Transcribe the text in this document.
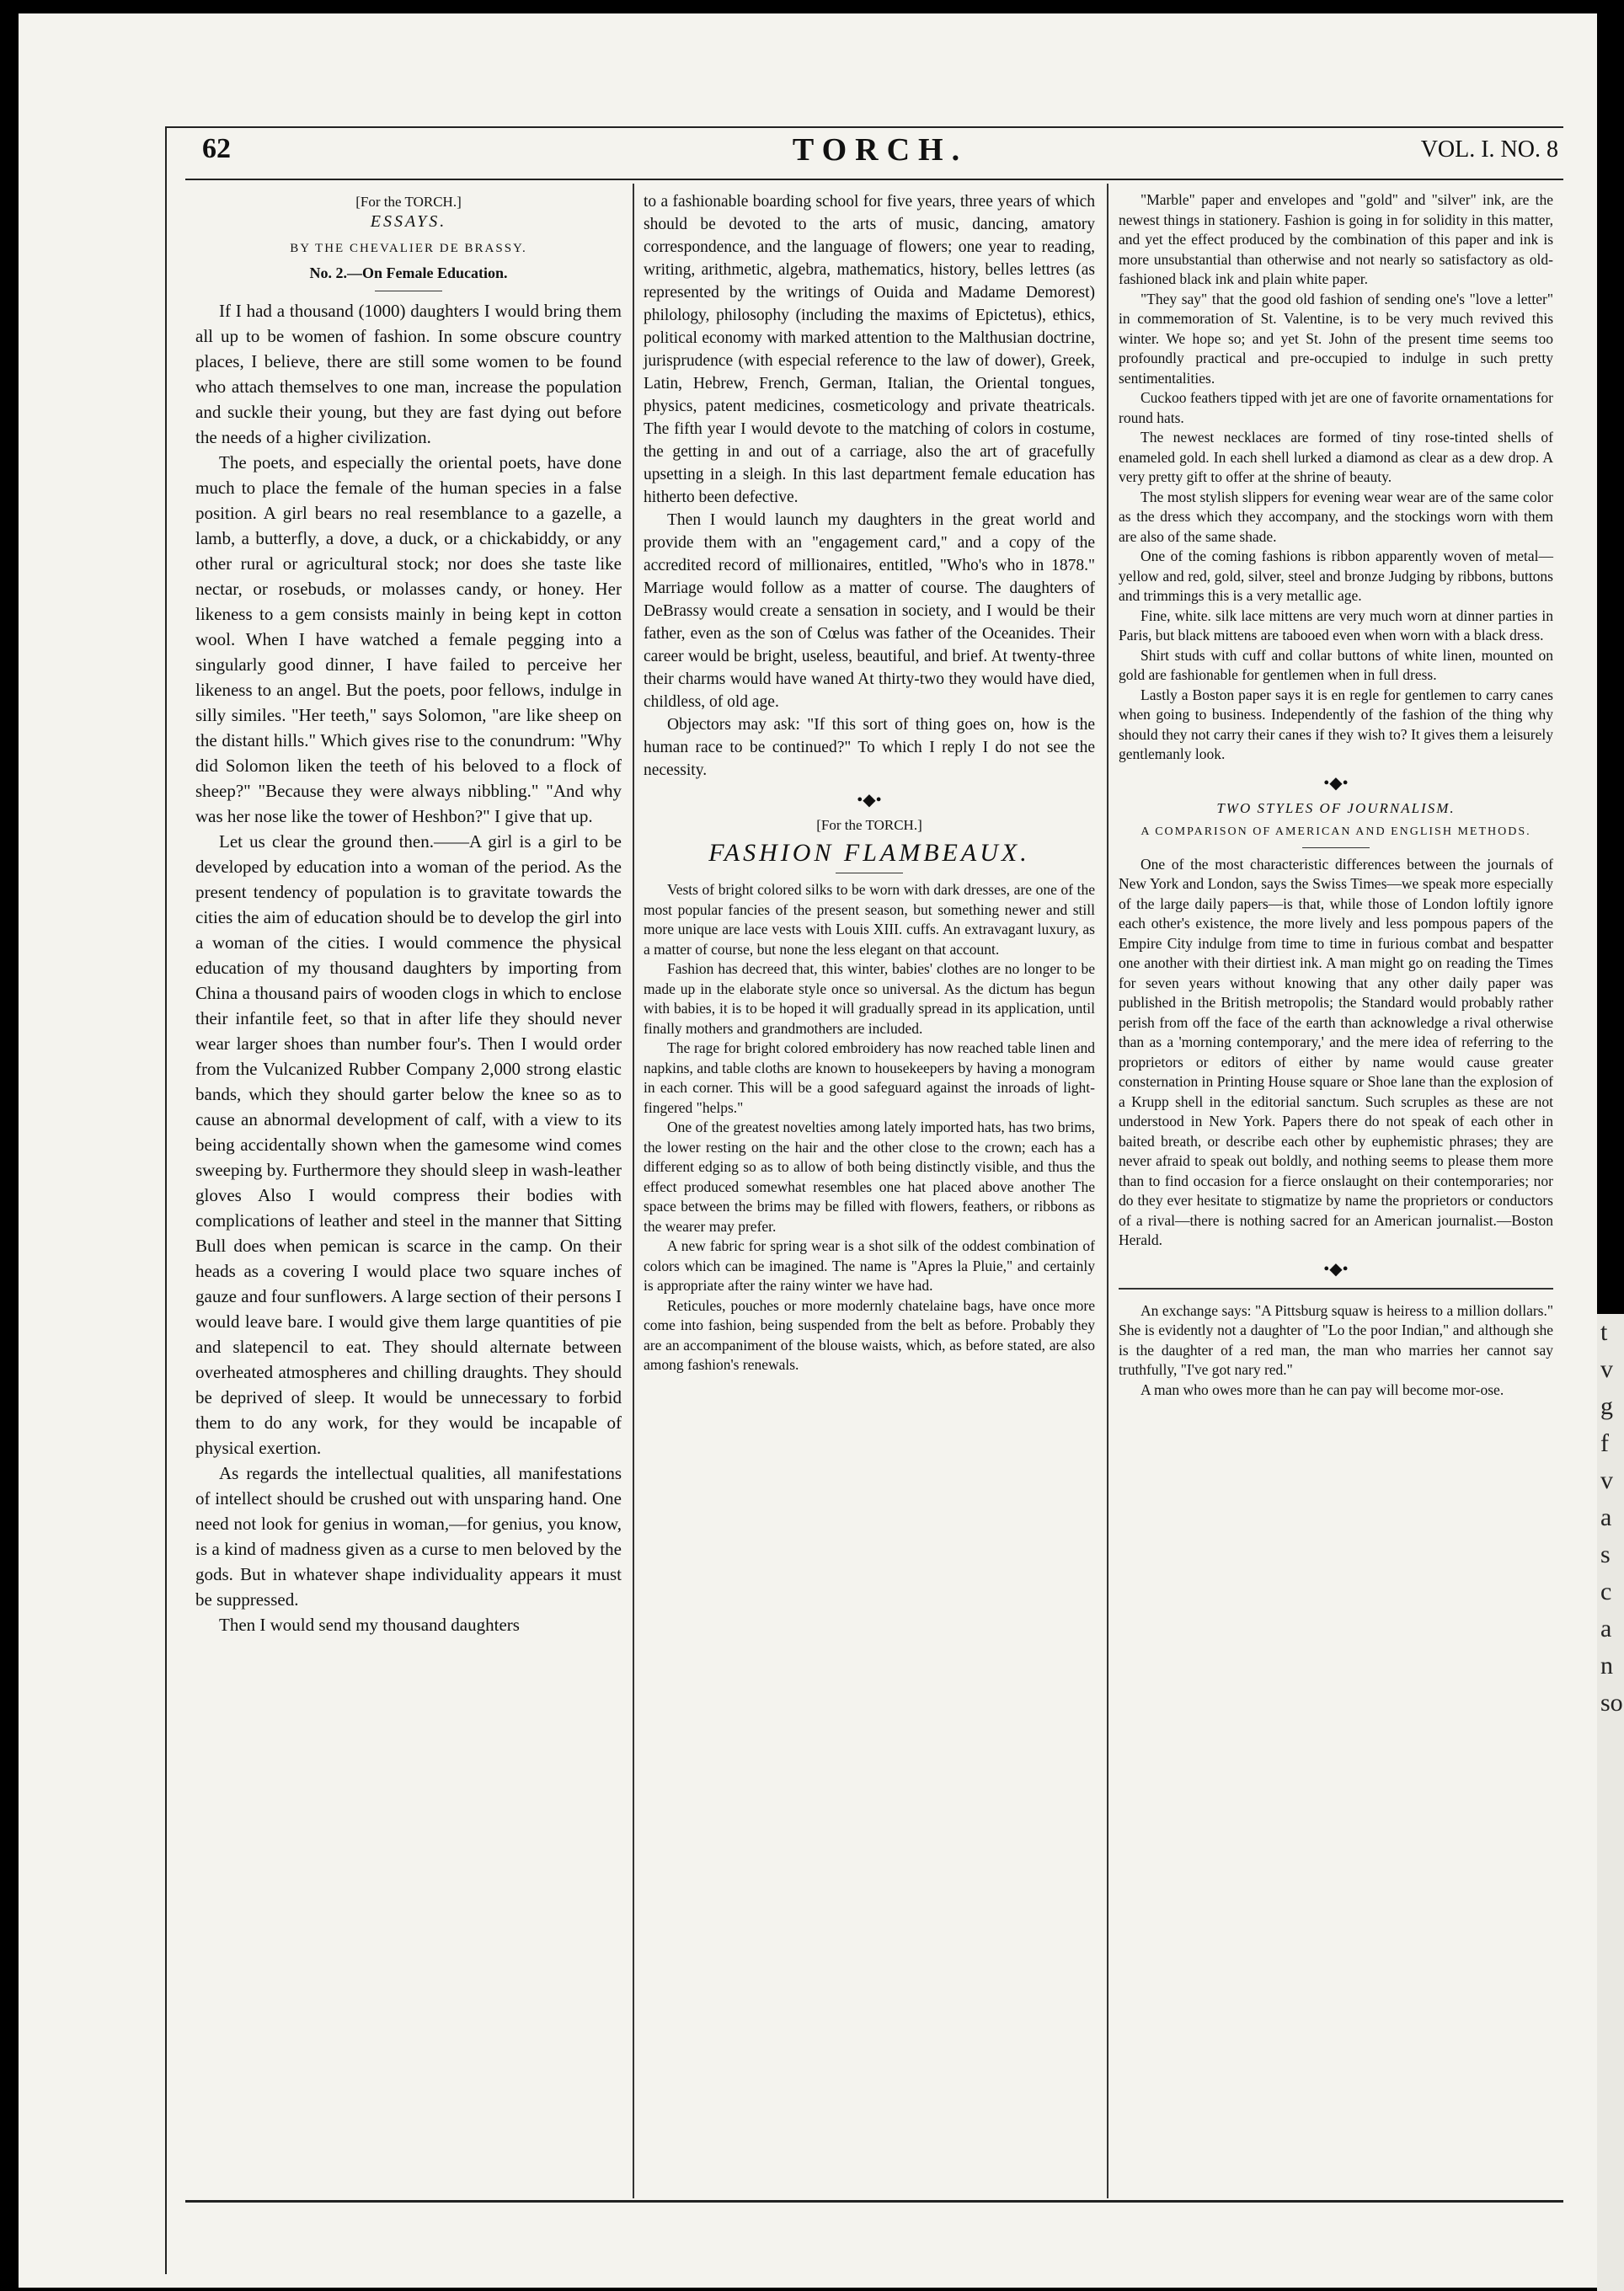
t
v
g
f
v
a
s
c
a
n
so
62	TORCH.	VOL. I. NO. 8
[For the TORCH.]
ESSAYS.
BY THE CHEVALIER DE BRASSY.
No. 2.—On Female Education.

If I had a thousand (1000) daughters I would bring them all up to be women of fashion. In some obscure country places, I believe, there are still some women to be found who attach themselves to one man, increase the population and suckle their young, but they are fast dying out before the needs of a higher civilization.

The poets, and especially the oriental poets, have done much to place the female of the human species in a false position. A girl bears no real resemblance to a gazelle, a lamb, a butterfly, a dove, a duck, or a chickabiddy, or any other rural or agricultural stock; nor does she taste like nectar, or rosebuds, or molasses candy, or honey. Her likeness to a gem consists mainly in being kept in cotton wool. When I have watched a female pegging into a singularly good dinner, I have failed to perceive her likeness to an angel. But the poets, poor fellows, indulge in silly similes. "Her teeth," says Solomon, "are like sheep on the distant hills." Which gives rise to the conundrum: "Why did Solomon liken the teeth of his beloved to a flock of sheep?" "Because they were always nibbling." "And why was her nose like the tower of Heshbon?" I give that up.

Let us clear the ground then.——A girl is a girl to be developed by education into a woman of the period. As the present tendency of population is to gravitate towards the cities the aim of education should be to develop the girl into a woman of the cities. I would commence the physical education of my thousand daughters by importing from China a thousand pairs of wooden clogs in which to enclose their infantile feet, so that in after life they should never wear larger shoes than number four's. Then I would order from the Vulcanized Rubber Company 2,000 strong elastic bands, which they should garter below the knee so as to cause an abnormal development of calf, with a view to its being accidentally shown when the gamesome wind comes sweeping by. Furthermore they should sleep in wash-leather gloves Also I would compress their bodies with complications of leather and steel in the manner that Sitting Bull does when pemican is scarce in the camp. On their heads as a covering I would place two square inches of gauze and four sunflowers. A large section of their persons I would leave bare. I would give them large quantities of pie and slatepencil to eat. They should alternate between overheated atmospheres and chilling draughts. They should be deprived of sleep. It would be unnecessary to forbid them to do any work, for they would be incapable of physical exertion.

As regards the intellectual qualities, all manifestations of intellect should be crushed out with unsparing hand. One need not look for genius in woman,—for genius, you know, is a kind of madness given as a curse to men beloved by the gods. But in whatever shape individuality appears it must be suppressed.

Then I would send my thousand daughters

to a fashionable boarding school for five years, three years of which should be devoted to the arts of music, dancing, amatory correspondence, and the language of flowers; one year to reading, writing, arithmetic, algebra, mathematics, history, belles lettres (as represented by the writings of Ouida and Madame Demorest) philology, philosophy (including the maxims of Epictetus), ethics, political economy with marked attention to the Malthusian doctrine, jurisprudence (with especial reference to the law of dower), Greek, Latin, Hebrew, French, German, Italian, the Oriental tongues, physics, patent medicines, cosmeticology and private theatricals. The fifth year I would devote to the matching of colors in costume, the getting in and out of a carriage, also the art of gracefully upsetting in a sleigh. In this last department female education has hitherto been defective.

Then I would launch my daughters in the great world and provide them with an "engagement card," and a copy of the accredited record of millionaires, entitled, "Who's who in 1878." Marriage would follow as a matter of course. The daughters of DeBrassy would create a sensation in society, and I would be their father, even as the son of Cœlus was father of the Oceanides. Their career would be bright, useless, beautiful, and brief. At twenty-three their charms would have waned At thirty-two they would have died, childless, of old age.

Objectors may ask: "If this sort of thing goes on, how is the human race to be continued?" To which I reply I do not see the necessity.

•◆•
[For the TORCH.]
FASHION FLAMBEAUX.

Vests of bright colored silks to be worn with dark dresses, are one of the most popular fancies of the present season, but something newer and still more unique are lace vests with Louis XIII. cuffs. An extravagant luxury, as a matter of course, but none the less elegant on that account.

Fashion has decreed that, this winter, babies' clothes are no longer to be made up in the elaborate style once so universal. As the dictum has begun with babies, it is to be hoped it will gradually spread in its application, until finally mothers and grandmothers are included.

The rage for bright colored embroidery has now reached table linen and napkins, and table cloths are known to housekeepers by having a monogram in each corner. This will be a good safeguard against the inroads of light-fingered "helps."

One of the greatest novelties among lately imported hats, has two brims, the lower resting on the hair and the other close to the crown; each has a different edging so as to allow of both being distinctly visible, and thus the effect produced somewhat resembles one hat placed above another The space between the brims may be filled with flowers, feathers, or ribbons as the wearer may prefer.

A new fabric for spring wear is a shot silk of the oddest combination of colors which can be imagined. The name is "Apres la Pluie," and certainly is appropriate after the rainy winter we have had.

Reticules, pouches or more modernly chatelaine bags, have once more come into fashion, being suspended from the belt as before. Probably they are an accompaniment of the blouse waists, which, as before stated, are also among fashion's renewals.

"Marble" paper and envelopes and "gold" and "silver" ink, are the newest things in stationery. Fashion is going in for solidity in this matter, and yet the effect produced by the combination of this paper and ink is more unsubstantial than otherwise and not nearly so satisfactory as old-fashioned black ink and plain white paper.

"They say" that the good old fashion of sending one's "love a letter" in commemoration of St. Valentine, is to be very much revived this winter. We hope so; and yet St. John of the present time seems too profoundly practical and pre-occupied to indulge in such pretty sentimentalities.

Cuckoo feathers tipped with jet are one of favorite ornamentations for round hats.

The newest necklaces are formed of tiny rose-tinted shells of enameled gold. In each shell lurked a diamond as clear as a dew drop. A very pretty gift to offer at the shrine of beauty.

The most stylish slippers for evening wear wear are of the same color as the dress which they accompany, and the stockings worn with them are also of the same shade.

One of the coming fashions is ribbon apparently woven of metal—yellow and red, gold, silver, steel and bronze Judging by ribbons, buttons and trimmings this is a very metallic age.

Fine, white. silk lace mittens are very much worn at dinner parties in Paris, but black mittens are tabooed even when worn with a black dress.

Shirt studs with cuff and collar buttons of white linen, mounted on gold are fashionable for gentlemen when in full dress.

Lastly a Boston paper says it is en regle for gentlemen to carry canes when going to business. Independently of the fashion of the thing why should they not carry their canes if they wish to? It gives them a leisurely gentlemanly look.

•◆•
TWO STYLES OF JOURNALISM.
A COMPARISON OF AMERICAN AND ENGLISH METHODS.

One of the most characteristic differences between the journals of New York and London, says the Swiss Times—we speak more especially of the large daily papers—is that, while those of London loftily ignore each other's existence, the more lively and less pompous papers of the Empire City indulge from time to time in furious combat and bespatter one another with their dirtiest ink. A man might go on reading the Times for seven years without knowing that any other daily paper was published in the British metropolis; the Standard would probably rather perish from off the face of the earth than acknowledge a rival otherwise than as a 'morning contemporary,' and the mere idea of referring to the proprietors or editors of either by name would cause greater consternation in Printing House square or Shoe lane than the explosion of a Krupp shell in the editorial sanctum. Such scruples as these are not understood in New York. Papers there do not speak of each other in baited breath, or describe each other by euphemistic phrases; they are never afraid to speak out boldly, and nothing seems to please them more than to find occasion for a fierce onslaught on their contemporaries; nor do they ever hesitate to stigmatize by name the proprietors or conductors of a rival—there is nothing sacred for an American journalist.—Boston Herald.

•◆•

An exchange says: "A Pittsburg squaw is heiress to a million dollars." She is evidently not a daughter of "Lo the poor Indian," and although she is the daughter of a red man, the man who marries her cannot say truthfully, "I've got nary red."

A man who owes more than he can pay will become mor-ose.
